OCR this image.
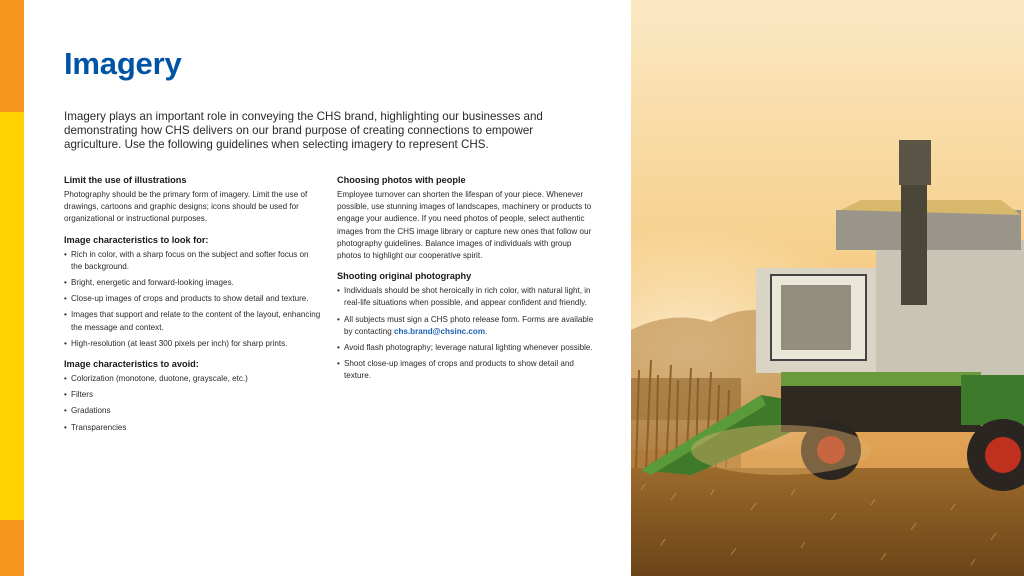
Imagery

Imagery plays an important role in conveying the CHS brand, highlighting our businesses and demonstrating how CHS delivers on our brand purpose of creating connections to empower agriculture. Use the following guidelines when selecting imagery to represent CHS.

Limit the use of illustrations

Photography should be the primary form of imagery. Limit the use of drawings, cartoons and graphic designs; icons should be used for organizational or instructional purposes.

Image characteristics to look for:

• Rich in color, with a sharp focus on the subject and softer focus on the background.
• Bright, energetic and forward-looking images.
• Close-up images of crops and products to show detail and texture.
• Images that support and relate to the content of the layout, enhancing the message and context.
• High-resolution (at least 300 pixels per inch) for sharp prints.

Image characteristics to avoid:

• Colorization (monotone, duotone, grayscale, etc.)
• Filters
• Gradations
• Transparencies

Choosing photos with people

Employee turnover can shorten the lifespan of your piece. Whenever possible, use stunning images of landscapes, machinery or products to engage your audience. If you need photos of people, select authentic images from the CHS image library or capture new ones that follow our photography guidelines. Balance images of individuals with group photos to highlight our cooperative spirit.

Shooting original photography

• Individuals should be shot heroically in rich color, with natural light, in real-life situations when possible, and appear confident and friendly.
• All subjects must sign a CHS photo release form. Forms are available by contacting chs.brand@chsinc.com.
• Avoid flash photography; leverage natural lighting whenever possible.
• Shoot close-up images of crops and products to show detail and texture.
